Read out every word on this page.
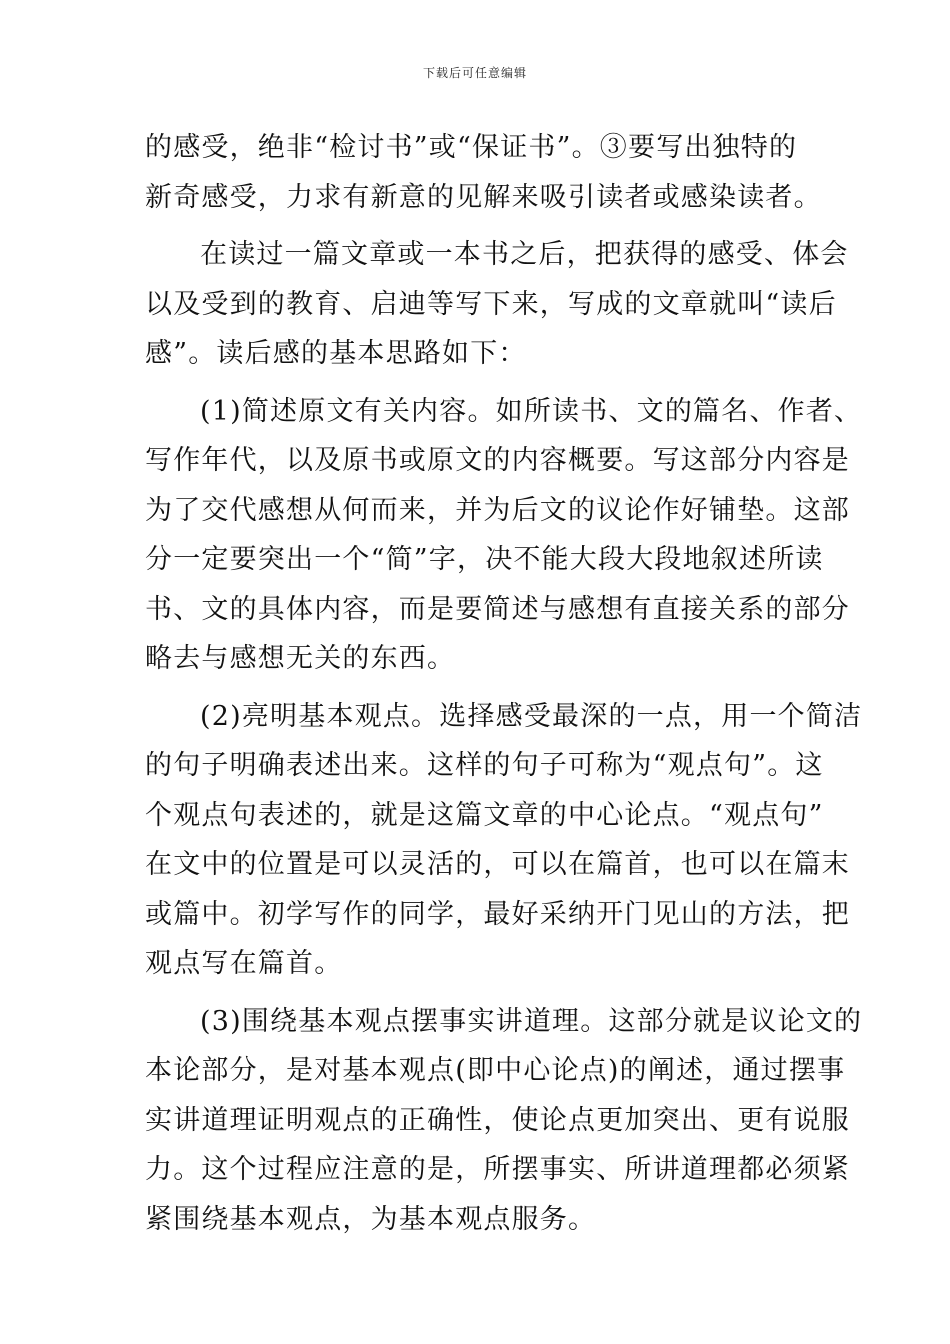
下载后可任意编辑
的感受，绝非“检讨书”或“保证书”。③要写出独特的
新奇感受，力求有新意的见解来吸引读者或感染读者。
在读过一篇文章或一本书之后，把获得的感受、体会
以及受到的教育、启迪等写下来，写成的文章就叫“读后
感”。读后感的基本思路如下：
(1)简述原文有关内容。如所读书、文的篇名、作者、
写作年代，以及原书或原文的内容概要。写这部分内容是
为了交代感想从何而来，并为后文的议论作好铺垫。这部
分一定要突出一个“简”字，决不能大段大段地叙述所读
书、文的具体内容，而是要简述与感想有直接关系的部分
略去与感想无关的东西。
(2)亮明基本观点。选择感受最深的一点，用一个简洁
的句子明确表述出来。这样的句子可称为“观点句”。这
个观点句表述的，就是这篇文章的中心论点。“观点句”
在文中的位置是可以灵活的，可以在篇首，也可以在篇末
或篇中。初学写作的同学，最好采纳开门见山的方法，把
观点写在篇首。
(3)围绕基本观点摆事实讲道理。这部分就是议论文的
本论部分，是对基本观点(即中心论点)的阐述，通过摆事
实讲道理证明观点的正确性，使论点更加突出、更有说服
力。这个过程应注意的是，所摆事实、所讲道理都必须紧
紧围绕基本观点，为基本观点服务。
